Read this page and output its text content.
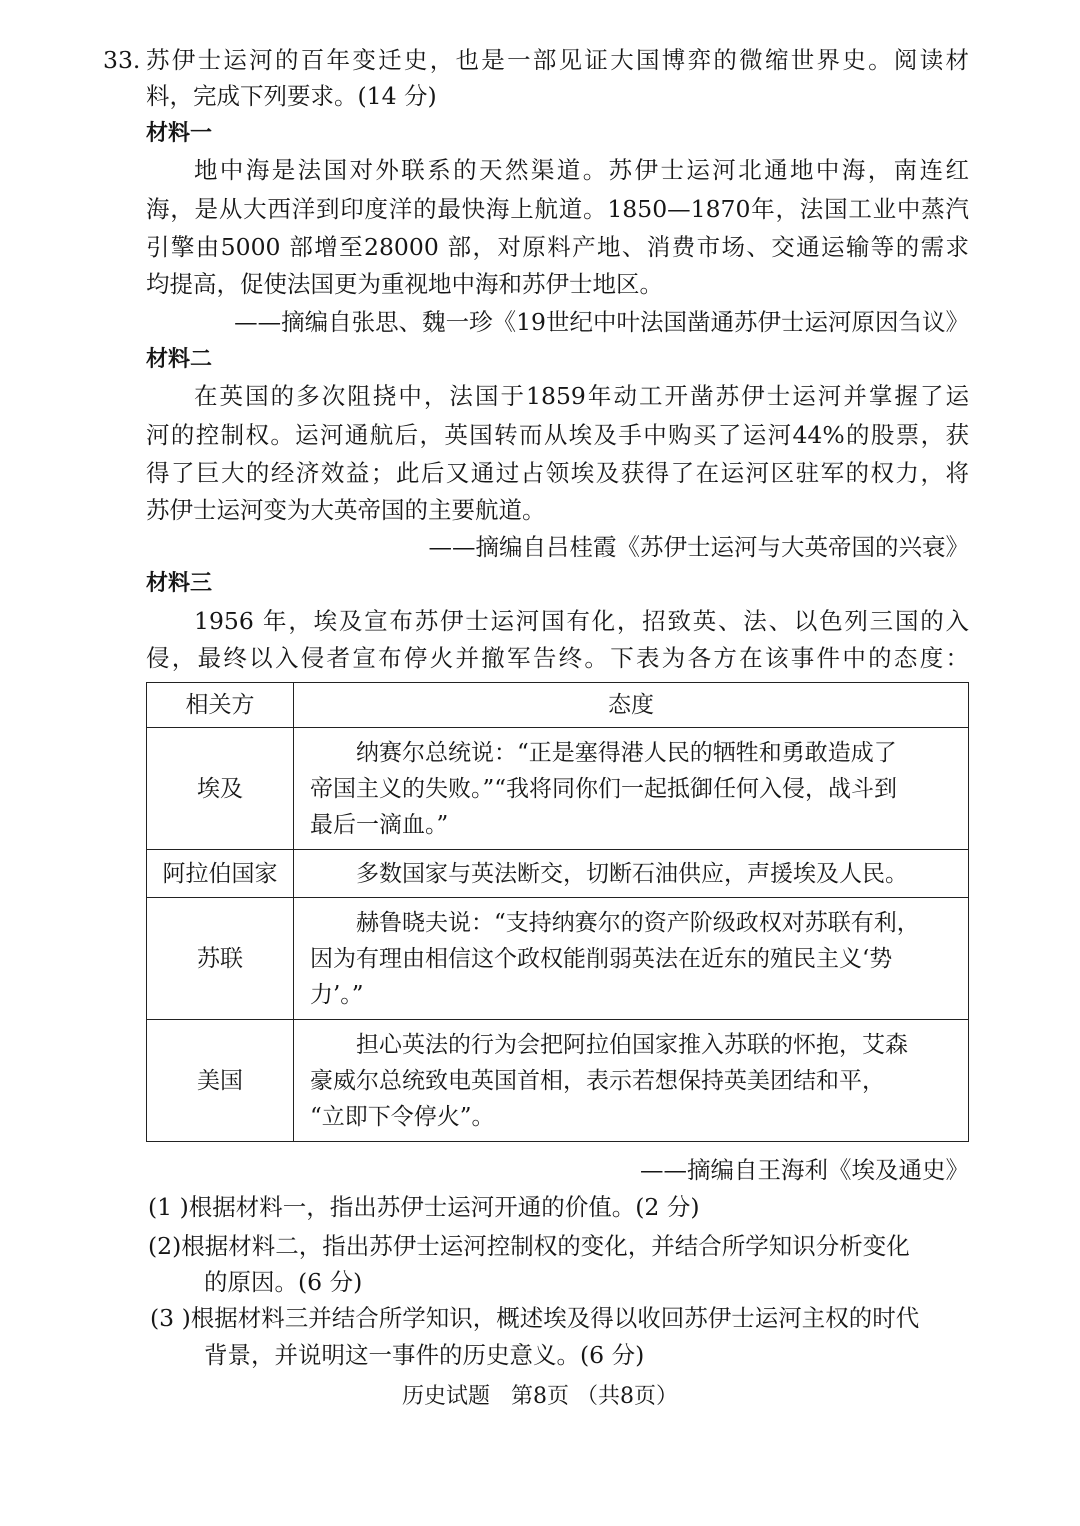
33. 苏伊士运河的百年变迁史，也是一部见证大国博弈的微缩世界史。阅读材
料，完成下列要求。(14 分)
材料一
地中海是法国对外联系的天然渠道。苏伊士运河北通地中海，南连红
海，是从大西洋到印度洋的最快海上航道。1850—1870年，法国工业中蒸汽
引擎由5000 部增至28000 部，对原料产地、消费市场、交通运输等的需求
均提高，促使法国更为重视地中海和苏伊士地区。
——摘编自张思、魏一珍《19世纪中叶法国凿通苏伊士运河原因刍议》
材料二
在英国的多次阻挠中，法国于1859年动工开凿苏伊士运河并掌握了运
河的控制权。运河通航后，英国转而从埃及手中购买了运河44%的股票，获
得了巨大的经济效益；此后又通过占领埃及获得了在运河区驻军的权力，将
苏伊士运河变为大英帝国的主要航道。
——摘编自吕桂霞《苏伊士运河与大英帝国的兴衰》
材料三
1956 年，埃及宣布苏伊士运河国有化，招致英、法、以色列三国的入
侵，最终以入侵者宣布停火并撤军告终。下表为各方在该事件中的态度：
相关方	态度
埃及	纳赛尔总统说：“正是塞得港人民的牺牲和勇敢造成了
帝国主义的失败。”“我将同你们一起抵御任何入侵，战斗到
最后一滴血。”

阿拉伯国家	多数国家与英法断交，切断石油供应，声援埃及人民。

苏联	赫鲁晓夫说：“支持纳赛尔的资产阶级政权对苏联有利，
因为有理由相信这个政权能削弱英法在近东的殖民主义‘势
力’。”

美国	担心英法的行为会把阿拉伯国家推入苏联的怀抱，艾森
豪威尔总统致电英国首相，表示若想保持英美团结和平，
“立即下令停火”。
——摘编自王海利《埃及通史》
(1 )根据材料一，指出苏伊士运河开通的价值。(2 分)
(2)根据材料二，指出苏伊士运河控制权的变化，并结合所学知识分析变化
的原因。(6 分)
(3 )根据材料三并结合所学知识，概述埃及得以收回苏伊士运河主权的时代
背景，并说明这一事件的历史意义。(6 分)
历史试题   第8页 （共8页）
